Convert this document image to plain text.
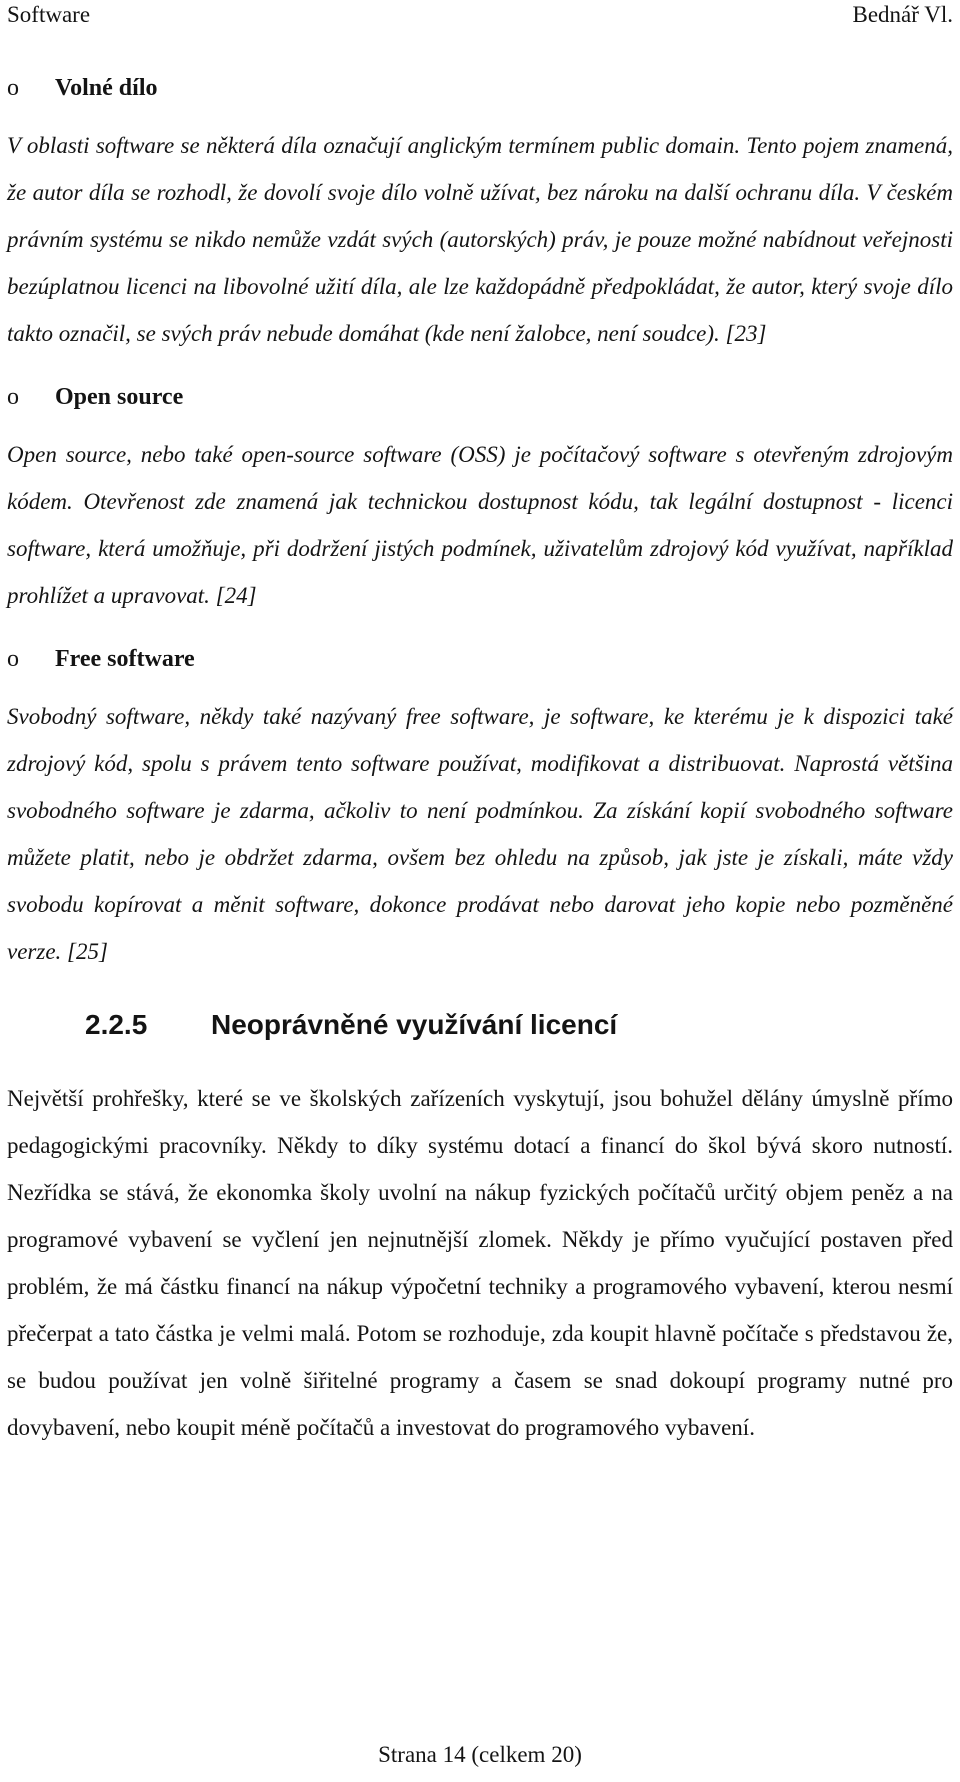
Software	Bednář Vl.
o	Volné dílo

V oblasti software se některá díla označují anglickým termínem public domain. Tento pojem znamená, že autor díla se rozhodl, že dovolí svoje dílo volně užívat, bez nároku na další ochranu díla. V českém právním systému se nikdo nemůže vzdát svých (autorských) práv, je pouze možné nabídnout veřejnosti bezúplatnou licenci na libovolné užití díla, ale lze každopádně předpokládat, že autor, který svoje dílo takto označil, se svých práv nebude domáhat (kde není žalobce, není soudce). [23]

o	Open source

Open source, nebo také open-source software (OSS) je počítačový software s otevřeným zdrojovým kódem. Otevřenost zde znamená jak technickou dostupnost kódu, tak legální dostupnost - licenci software, která umožňuje, při dodržení jistých podmínek, uživatelům zdrojový kód využívat, například prohlížet a upravovat. [24]

o	Free software

Svobodný software, někdy také nazývaný free software, je software, ke kterému je k dispozici také zdrojový kód, spolu s právem tento software používat, modifikovat a distribuovat. Naprostá většina svobodného software je zdarma, ačkoliv to není podmínkou. Za získání kopií svobodného software můžete platit, nebo je obdržet zdarma, ovšem bez ohledu na způsob, jak jste je získali, máte vždy svobodu kopírovat a měnit software, dokonce prodávat nebo darovat jeho kopie nebo pozměněné verze. [25]

2.2.5	Neoprávněné využívání licencí

Největší prohřešky, které se ve školských zařízeních vyskytují, jsou bohužel dělány úmyslně přímo pedagogickými pracovníky. Někdy to díky systému dotací a financí do škol bývá skoro nutností. Nezřídka se stává, že ekonomka školy uvolní na nákup fyzických počítačů určitý objem peněz a na programové vybavení se vyčlení jen nejnutnější zlomek. Někdy je přímo vyučující postaven před problém, že má částku financí na nákup výpočetní techniky a programového vybavení, kterou nesmí přečerpat a tato částka je velmi malá. Potom se rozhoduje, zda koupit hlavně počítače s představou že, se budou používat jen volně šiřitelné programy a časem se snad dokoupí programy nutné pro dovybavení, nebo koupit méně počítačů a investovat do programového vybavení.

Strana 14 (celkem 20)
